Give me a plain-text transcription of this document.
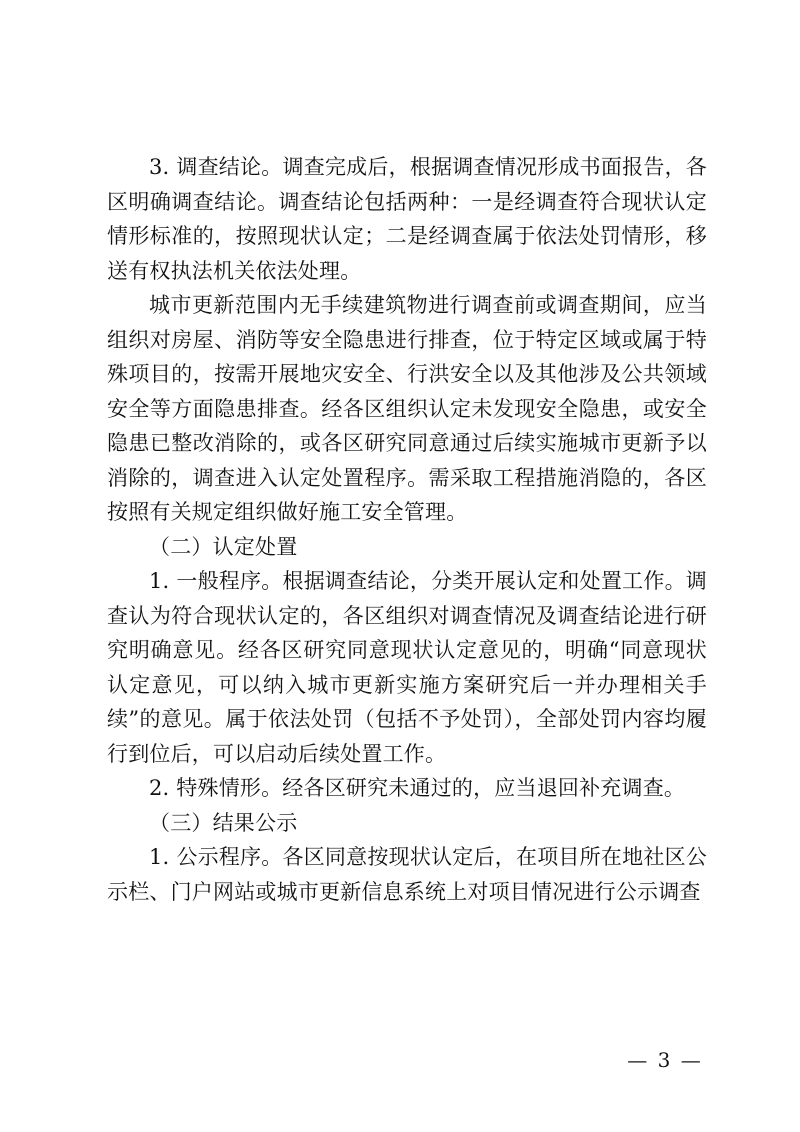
3. 调查结论。调查完成后，根据调查情况形成书面报告，各区明确调查结论。调查结论包括两种：一是经调查符合现状认定情形标准的，按照现状认定；二是经调查属于依法处罚情形，移送有权执法机关依法处理。

城市更新范围内无手续建筑物进行调查前或调查期间，应当组织对房屋、消防等安全隐患进行排查，位于特定区域或属于特殊项目的，按需开展地灾安全、行洪安全以及其他涉及公共领域安全等方面隐患排查。经各区组织认定未发现安全隐患，或安全隐患已整改消除的，或各区研究同意通过后续实施城市更新予以消除的，调查进入认定处置程序。需采取工程措施消隐的，各区按照有关规定组织做好施工安全管理。

（二）认定处置

1. 一般程序。根据调查结论，分类开展认定和处置工作。调查认为符合现状认定的，各区组织对调查情况及调查结论进行研究明确意见。经各区研究同意现状认定意见的，明确“同意现状认定意见，可以纳入城市更新实施方案研究后一并办理相关手续”的意见。属于依法处罚（包括不予处罚），全部处罚内容均履行到位后，可以启动后续处置工作。

2. 特殊情形。经各区研究未通过的，应当退回补充调查。

（三）结果公示

1. 公示程序。各区同意按现状认定后，在项目所在地社区公示栏、门户网站或城市更新信息系统上对项目情况进行公示调查

— 3 —
